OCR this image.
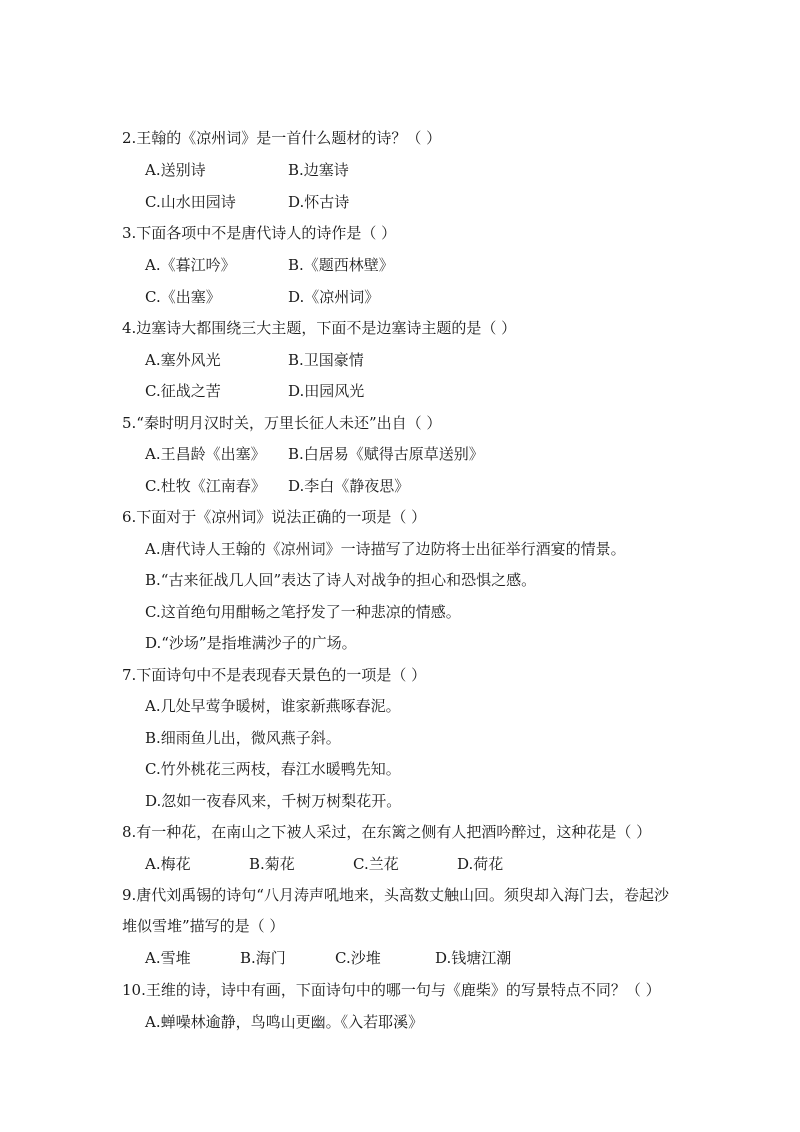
2.王翰的《凉州词》是一首什么题材的诗？（ ）
A.送别诗	B.边塞诗
C.山水田园诗	D.怀古诗
3.下面各项中不是唐代诗人的诗作是（ ）
A.《暮江吟》	B.《题西林壁》
C.《出塞》	D.《凉州词》
4.边塞诗大都围绕三大主题，下面不是边塞诗主题的是（ ）
A.塞外风光	B.卫国豪情
C.征战之苦	D.田园风光
5.“秦时明月汉时关，万里长征人未还”出自（ ）
A.王昌龄《出塞》 B.白居易《赋得古原草送别》
C.杜牧《江南春》 D.李白《静夜思》
6.下面对于《凉州词》说法正确的一项是（ ）
A.唐代诗人王翰的《凉州词》一诗描写了边防将士出征举行酒宴的情景。
B.“古来征战几人回”表达了诗人对战争的担心和恐惧之感。
C.这首绝句用酣畅之笔抒发了一种悲凉的情感。
D.“沙场”是指堆满沙子的广场。
7.下面诗句中不是表现春天景色的一项是（ ）
A.几处早莺争暖树，谁家新燕啄春泥。
B.细雨鱼儿出，微风燕子斜。
C.竹外桃花三两枝，春江水暖鸭先知。
D.忽如一夜春风来，千树万树梨花开。
8.有一种花，在南山之下被人采过，在东篱之侧有人把酒吟醉过，这种花是（ ）
A.梅花	B.菊花	C.兰花	D.荷花
9.唐代刘禹锡的诗句“八月涛声吼地来，头高数丈触山回。须臾却入海门去，卷起沙
堆似雪堆”描写的是（ ）
A.雪堆	B.海门	C.沙堆	D.钱塘江潮
10.王维的诗，诗中有画，下面诗句中的哪一句与《鹿柴》的写景特点不同？（ ）
A.蝉噪林逾静，鸟鸣山更幽。《入若耶溪》
